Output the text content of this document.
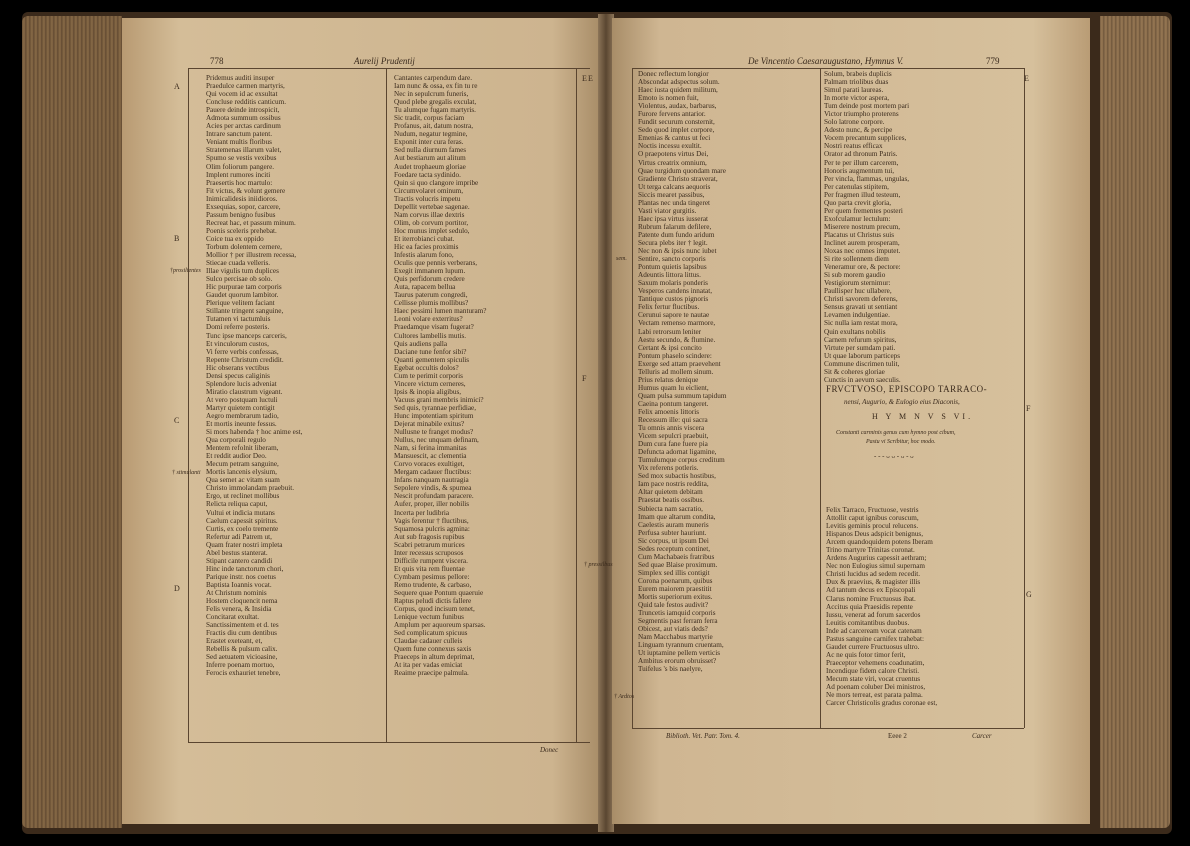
778	Aurelij Prudentij
Pridemus auditi insuper
Praedulce carmen martyris,
Qui vocem id ac exsultat
Concluse redditis canticum.
Pauere deinde introspicit,
Admota summum ossibus
Acies per arctas cardinum
Intrare sanctum patent.
Veniant multis floribus
Stratemenas illarum valet,
Spumo se vestis vexibus
Olim foliorum pangere.
Implent rumores inciti
Praesertis hoc martulo:
Fit victus, & volunt gemere
Inimicalidesis iniidioros.
Exsequias, sopor, carcere,
Passum benigno fusibus
Recreat hac, et passum minum.
Poenis sceleris prehebat.
Coice tua ex oppido
Torbum dolentem cernere,
Mollior † per illustrem recessa,
Stiecae cuada velleris.
Illae vigulis tum duplices
Sulco percisae ob solo.
Hic purpurae tam corporis
Gaudet quorum lambitor.
Plerique velitem faciant
Stillante tringent sanguine,
Tutamen vi tactumluis
Domi referre posteris.
Tunc ipse manceps carceris,
Et vinculorum custos,
Vi ferre verbis confessas,
Repente Christum credidit.
Hic obserans vectibus
Densi specus caliginis
Splendore lucis adveniat
Miratio claustrum vigeant.
At vero postquam luctuli
Martyr quietem contigit
Aegro membrarum tadio,
Et mortis ineunte fessus.
Si mors habenda † hoc anime est,
Qua corporali regulo
Mentem refolnit liberam,
Et reddit audior Deo.
Mecum petram sanguine,
Mortis lancenis elysium,
Qua semet ac vitam suam
Christo immolandam praebuit.
Ergo, ut reclinet mollibus
Relicta reliqua caput,
Vultui et indicia mutans
Caelum capessit spiritus.
Curtis, ex coelo tremente
Refertur adi Patrem ut,
Quam frater nostri impleta
Abel bestus stanterat.
Stipant cantero candidi
Hinc inde tanctorum chori,
Parique instr. nos coetus
Baptista Ioannis vocat.
At Christum nominis
Hostem cloquencit nema
Felis venera, & Insidia
Concitarat exultat.
Sanctissimentem et d. tes
Fractis diu cum dentibus
Erastet exeteant, et,
Rebellis & pulsum calix.
Sed aetuatem vicioasine,
Inferre poenam mortuo,
Ferocis exhauriet tenebre,
Cantantes carpendum dare.
Iam nunc & ossa, ex fin tu re
Nec in sepulcrum funeris,
Quod plebe gregalis exculat,
Tu alumque fugam martyris.
Sic tradit, corpus faciam
Profanus, ait, datum nostra,
Nudum, negatur tegmine,
Exponit inter cura feras.
Sed nulla diurnum fames
Aut bestiarum aut alitum
Audet trophaeum gloriae
Foedare tacta sydinido.
Quin si quo clangore impribe
Circumvolaret ominum,
Tractis volucris impetu
Depellit vertebae sagenae.
Nam corvus illae dextris
Olim, ob corvum portitor,
Hoc munus implet sedulo,
Et iterrobianci cubat.
Hic ea facies proximis
Infestis alarum fono,
Oculis que pennis verberans,
Exegit immanem lupum.
Quis perfidorum credere
Auta, rapacem bellua
Taurus paterum congredi,
Cellisse plumis mollibus?
Haec pessimi lumen manturam?
Leoni volare exterritus?
Praedamque visam fugerat?
Cultores lambellis mutis.
Quis audiens palla
Daciane tune fenfor sibi?
Quanti gementem spiculis
Egebat occultis dolos?
Cum te perimit corporis
Vincere victum cerneres,
Ipsis & inopia aligibus,
Vacuus grani membris inimici?
Sed quis, tyrannae perfidiae,
Hunc impotentiam spiritum
Dejerat minabile exitus?
Nullusne te franget modus?
Nullus, nec unquam definam,
Nam, si ferina immanitas
Mansuescit, ac clementia
Corvo voraces exultiget,
Mergam cadauer fluctibus:
Infans nanquam nautragia
Sepolere vindis, & spumea
Nescit profundam paracere.
Aufer, proper, iller nobilis
Incerta per ludibria
Vagis ferentur † fluctibus,
Squamosa pulcris agmina:
Aut sub fragosis rupibus
Scabri petrarum murices
Inter recessus scruposos
Difficile rumpent viscera.
Et quis vita rem fluentae
Cymbam pesimus pellore:
Remo trudente, & carbaso,
Sequere quae Pontum quaeruie
Raptus peludi dictis fallere
Corpus, quod incisum tenet,
Lenique vectum funibus
Amplum per aquoreum sparsas.
Sed complicatum spicuus
Claudae cadauer culleis
Quem fune connexus saxis
Praeceps in altum deprimat,
At ita per vadas emiciat
Reaime praecipe palmula.
A
B
C
D
E
F
†prosilientes
† stimulanti
Donec
De Vincentio Caesaraugustano, Hymnus V.	779
Donec reflectum longior
Abscondat adspectus solum.
Haec iusta quidem militum,
Emoto is nomen fuit,
Violentus, audax, barbarus,
Furore fervens antarior.
Fundit securum consternit,
Sedo quod implet corpore,
Emenias & cantus ut feci
Noctis incessu exultit.
O praepotens virtus Dei,
Virtus creatrix omnium,
Quae turgidum quondam mare
Gradiente Christo straverat,
Ut terga calcans aequoris
Siccis mearet passibus,
Plantas nec unda tingeret
Vasti viator gurgitis.
Haec ipsa virtus iusserat
Rubrum falarum defilere,
Patente dum fundo aridum
Secura plebs iter † legit.
Nec non & ipsis nunc iubet
Sentire, sancto corporis
Pontum quietis lapsibus
Adeuntis littora littus.
Saxum molaris ponderis
Vesperos candens innatat,
Tantique custos pignoris
Felix fertur fluctibus.
Cerunui sapore te nautae
Vectam remenso marmore,
Labi retrorsum leniter
Aestu secundo, & flumine.
Certant & ipsi concito
Pontum phaselo scindere:
Exerge sed attam praevehent
Telluris ad mollem sinum.
Prius relatus denique
Humus quam lu eiclient,
Quam pulsa summum tapidum
Caeina pontum tangeret.
Felix amoenis littoris
Recessum ille: qui sacra
Tu omnis annis viscera
Vicem sepulcri praebuit,
Dum cura fane fuere pia
Defuncta adornat ligamine,
Tumulumque corpus creditum
Vix referens potleris.
Sed mox subactis hostibus,
Iam pace nostris reddita,
Altar quietem debitam
Praestat beatis ossibus.
Subiecta nam sacratio,
Imam que altarum condita,
Caelestis auram muneris
Perfusa subter hauriunt.
Sic corpus, ut ipsum Dei
Sedes receptum continet,
Cum Machabaeis fratribus
Sed quae Blaise proximum.
Simplex sed illis contigit
Corona poenarum, quibus
Eurem maiorem praestitit
Mortis superiorum exitus.
Quid tale festos audivit?
Truncetis iamquid corporis
Segmentis past ferram ferra
Obicest, aut viatis deds?
Nam Macchabus martyrie
Linguam tyrannum cruentam,
Ut iuptamine pellem verticis
Ambitus erorum obruisset?
Tuifelus 's bis naelyre,
Solum, brabeis duplicis
Palmam triolibus duas
Simul parati laureas.
In morte victor aspera,
Tum deinde post mortem pari
Victor triumpho proterens
Solo latrone corpore.
Adesto nunc, & percipe
Vocem precantum supplices,
Nostri reatus efficax
Orator ad thronum Patris.
Per te per illum carcerem,
Honoris augmentum tui,
Per vincla, flammas, ungulas,
Per catenulas stipitem,
Per fragmen illud testeum,
Quo parta crevit gloria,
Per quem frementes posteri
Exofculamur lectulum:
Miserere nostrum precum,
Placatus ut Christus suis
Inclinet aurem prosperam,
Noxas nec omnes imputet.
Si rite sollennem diem
Veneramur ore, & pectore:
Si sub morem gaudio
Vestigiorum sternimur:
Paullisper huc ullabere,
Christi savorem deferens,
Sensus gravati ut sentiant
Levamen indulgentiae.
Sic nulla iam restat mora,
Quin exultans nobilis
Carnem refurum spiritus,
Virtute per sumdam pati.
Ut quae laborum particeps
Commune discrimen tulit,
Sit & coheres gloriae
Cunctis in aevum saeculis.
FRVCTVOSO, EPISCOPO TARRACO-
nensi, Augurio, & Eulogio eius Diaconis,
H Y M N V S VI.
Constanti carminis genus cum hymno post cibum,
Pastu vi Scribitur, hoc modo.
- - - ᴗ ᴗ - ᴗ - ᴗ
Felix Tarraco, Fructuose, vestris
Attollit caput ignibus coruscum,
Levitis geminis procul relucens.
Hispanos Deus adspicit benignus,
Arcem quandoquidem potens Iberam
Trino martyre Trinitas coronat.
Ardens Augurius capessit aethram;
Nec non Eulogius simul supernam
Christi lucidus ad sedem recedit.
Dux & praevius, & magister illis
Ad tantum decus ex Episcopali
Clarus nomine Fructuosus ibat.
Accitus quia Praesidis repente
Iussu, venerat ad forum sacerdos
Leuitis comitantibus duobus.
Inde ad carceream vocat catenam
Pastus sanguine carnifex trahebat:
Gaudet currere Fructuosus ultro.
Ac ne quis fotor timor ferit,
Praeceptor vehemens coadunatim,
Incendique fidem calore Christi.
Mecum state viri, vocat cruentus
Ad poenam coluber Dei ministros,
Ne mors terreat, est parata palma.
Carcer Christicolis gradus coronae est,
E
F
G
E
sem.
† pressilbus
† Ardtos
Biblioth. Vet. Patr. Tom. 4.	Eeee 2	Carcer
